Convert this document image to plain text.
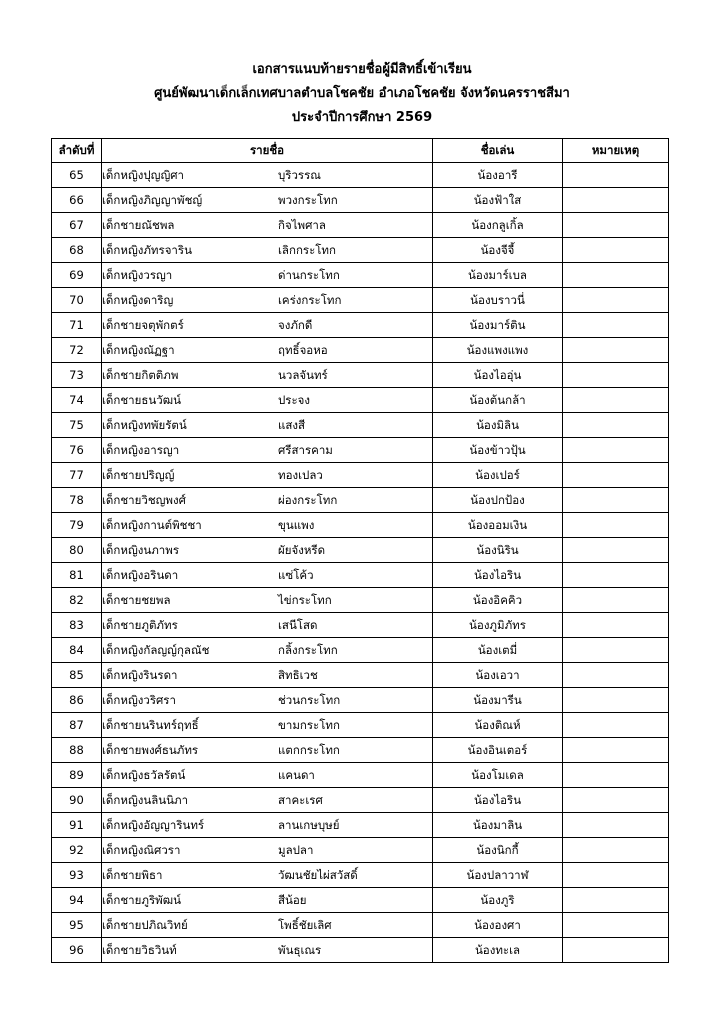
เอกสารแนบท้ายรายชื่อผู้มีสิทธิ์เข้าเรียน
ศูนย์พัฒนาเด็กเล็กเทศบาลตำบลโชคชัย อำเภอโชคชัย จังหวัดนครราชสีมา
ประจำปีการศึกษา 2569
ลำดับที่	รายชื่อ	ชื่อเล่น	หมายเหตุ
65	เด็กหญิงปุญญิศา บุริวรรณ	น้องอารี	
66	เด็กหญิงภิญญาพัชญ์ พวงกระโทก	น้องฟ้าใส	
67	เด็กชายณัชพล กิจไพศาล	น้องกลูเกิ้ล	
68	เด็กหญิงภัทรจาริน เลิกกระโทก	น้องจีจี้	
69	เด็กหญิงวรญา ด่านกระโทก	น้องมาร์เบล	
70	เด็กหญิงดาริญ เคร่งกระโทก	น้องบราวนี่	
71	เด็กชายจตุพักตร์ จงภักดี	น้องมาร์ติน	
72	เด็กหญิงณัฏฐา ฤทธิ์จอหอ	น้องแพงแพง	
73	เด็กชายกิตติภพ นวลจันทร์	น้องไออุ่น	
74	เด็กชายธนวัฒน์ ประจง	น้องต้นกล้า	
75	เด็กหญิงทพัยรัตน์ แสงสี	น้องมิลิน	
76	เด็กหญิงอารญา ศรีสารคาม	น้องข้าวปุ้น	
77	เด็กชายปริญญ์ ทองเปลว	น้องเปอร์	
78	เด็กชายวิชญพงศ์ ผ่องกระโทก	น้องปกป้อง	
79	เด็กหญิงกานต์พิชชา ขุนแพง	น้องออมเงิน	
80	เด็กหญิงนภาพร ผัยจังหรีด	น้องนิริน	
81	เด็กหญิงอรินดา แซ่โค้ว	น้องไอริน	
82	เด็กชายชยพล ไข่กระโทก	น้องอิคคิว	
83	เด็กชายภูติภัทร เสนีโสด	น้องภูมิภัทร	
84	เด็กหญิงกัลญญ์กุลณัช กลิ้งกระโทก	น้องเตมี่	
85	เด็กหญิงรินรดา สิทธิเวช	น้องเอวา	
86	เด็กหญิงวริศรา ช่วนกระโทก	น้องมารีน	
87	เด็กชายนรินทร์ฤทธิ์ ขามกระโทก	น้องติณห์	
88	เด็กชายพงศ์ธนภัทร แตกกระโทก	น้องอินเตอร์	
89	เด็กหญิงธวัลรัตน์ แคนดา	น้องโมเดล	
90	เด็กหญิงนลินนิภา สาคะเรศ	น้องไอริน	
91	เด็กหญิงอัญญารินทร์ ลานเกษบุษย์	น้องมาลิน	
92	เด็กหญิงณิศวรา มูลปลา	น้องนิกกี้	
93	เด็กชายพิธา วัฒนชัยไผ่สวัสดิ์	น้องปลาวาฬ	
94	เด็กชายภูริพัฒน์ สีน้อย	น้องภูริ	
95	เด็กชายปภิณวิทย์ โพธิ์ชัยเลิศ	น้ององศา	
96	เด็กชายวิธวินท์ พันธุเณร	น้องทะเล	
